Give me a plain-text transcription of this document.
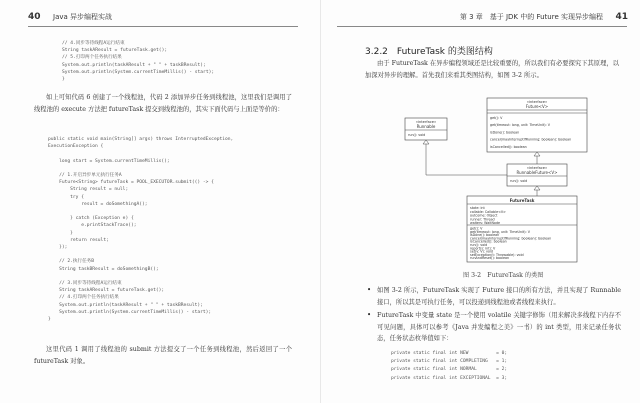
40 Java 异步编程实战
// 4.同步等待线程A运行结束
String taskAResult = futureTask.get();
// 5.打印两个任务执行结果
System.out.println(taskAResult + " " + taskBResult);
System.out.println(System.currentTimeMillis() - start);
}

如上可知代码 6 创建了一个线程池，代码 2 添加异步任务到线程池，这里我们是调用了线程池的 execute 方法把 futureTask 提交到线程池的，其实下面代码与上面是等价的：

public static void main(String[] args) throws InterruptedException,
ExecutionException {

long start = System.currentTimeMillis();

// 1.开启异步单元执行任务A
Future<String> futureTask = POOL_EXECUTOR.submit(() -> {
String result = null;
try {
result = doSomethingA();

} catch (Exception e) {
e.printStackTrace();
}
return result;
});

// 2.执行任务B
String taskBResult = doSomethingB();

// 3.同步等待线程A运行结束
String taskAResult = futureTask.get();
// 4.打印两个任务执行结果
System.out.println(taskAResult + " " + taskBResult);
System.out.println(System.currentTimeMillis() - start);
}

这里代码 1 调用了线程池的 submit 方法提交了一个任务到线程池，然后返回了一个 futureTask 对象。

第 3 章　基于 JDK 中的 Future 实现异步编程 41
3.2.2　FutureTask 的类图结构

由于 FutureTask 在异步编程领域还是比较重要的，所以我们有必要探究下其原理，以加深对异步的理解。首先我们来看其类图结构，如图 3-2 所示。

«interface»
Future<V>
get(): V
get(timeout: long, unit: TimeUnit): V
isDone(): boolean
cancel(mayInterruptIfRunning: boolean): boolean
isCancelled(): boolean
«interface»
Runnable
run(): void
«interface»
RunnableFuture<V>
run(): void
FutureTask
state: int
callable: Callable<V>
outcome: Object
runner: Thread
waiters: WaitNode
get(): V
get(timeout: long, unit: TimeUnit): V
isDone(): boolean
cancel(mayInterruptIfRunning: boolean): boolean
isCancelled(): boolean
run(): void
report(s: int): V
set(v: V): void
setException(t: Throwable): void
runAndReset(): boolean
图 3-2　FutureTask 的类图
• 如图 3-2 所示，FutureTask 实现了 Future 接口的所有方法，并且实现了 Runnable 接口，所以其是可执行任务，可以投递到线程池或者线程来执行。
• FutureTask 中变量 state 是一个使用 volatile 关键字修饰（用来解决多线程下内存不可见问题，具体可以参考《Java 并发编程之美》一书）的 int 类型，用来记录任务状态，任务状态枚举值如下：
private static final int NEW          = 0;
private static final int COMPLETING   = 1;
private static final int NORMAL       = 2;
private static final int EXCEPTIONAL  = 3;
